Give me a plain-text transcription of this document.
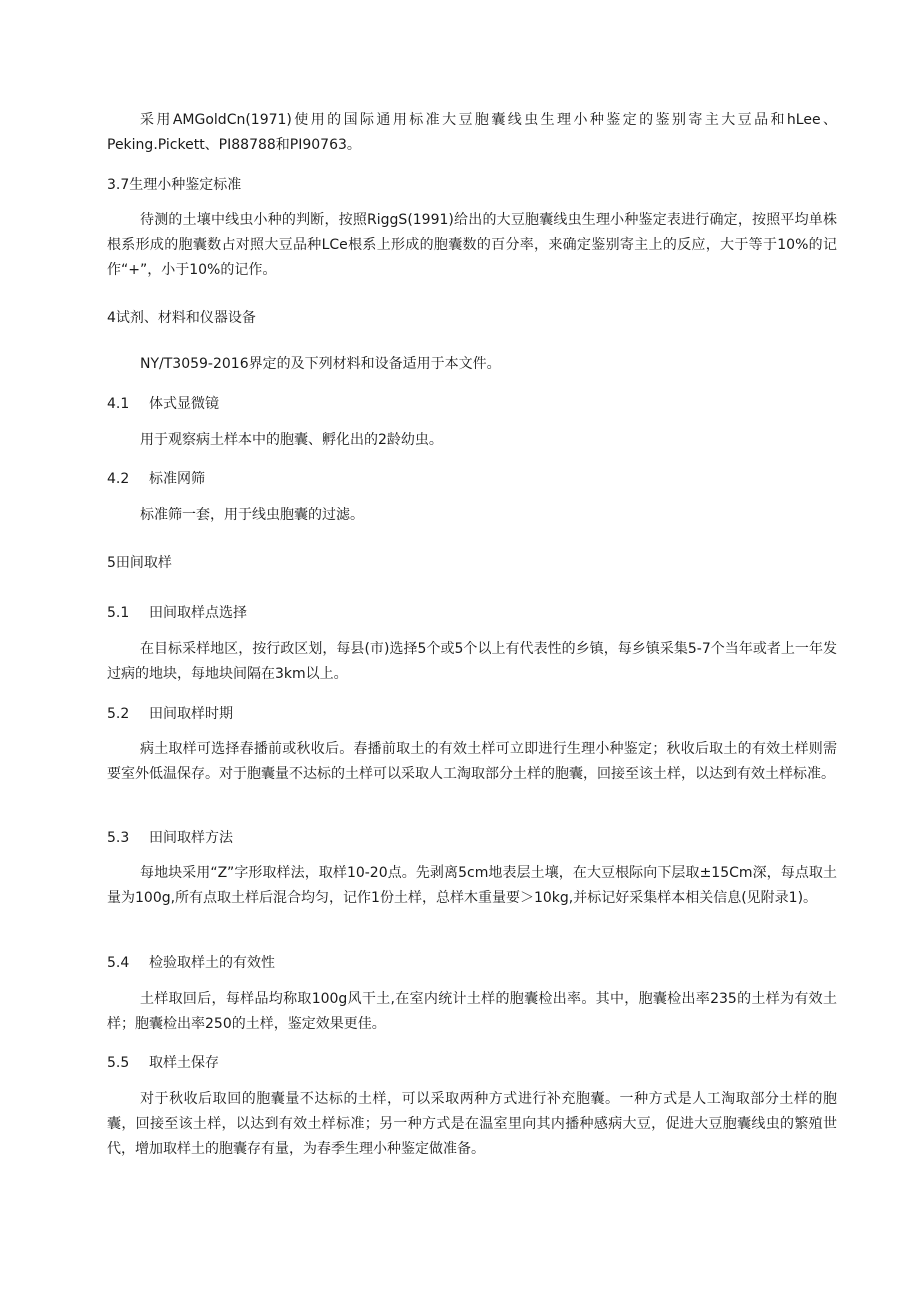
采用AMGoldCn(1971)使用的国际通用标准大豆胞囊线虫生理小种鉴定的鉴别寄主大豆品和hLee、Peking.Pickett、PI88788和PI90763。

3.7生理小种鉴定标准

待测的土壤中线虫小种的判断，按照RiggS(1991)给出的大豆胞囊线虫生理小种鉴定表进行确定，按照平均单株根系形成的胞囊数占对照大豆品种LCe根系上形成的胞囊数的百分率，来确定鉴别寄主上的反应，大于等于10%的记作“+”，小于10%的记作。

4试剂、材料和仪器设备

NY/T3059-2016界定的及下列材料和设备适用于本文件。

4.1 体式显微镜

用于观察病土样本中的胞囊、孵化出的2龄幼虫。

4.2 标准网筛

标准筛一套，用于线虫胞囊的过滤。

5田间取样
5.1 田间取样点选择

在目标采样地区，按行政区划，每县(市)选择5个或5个以上有代表性的乡镇，每乡镇采集5-7个当年或者上一年发过病的地块，每地块间隔在3km以上。

5.2 田间取样时期

病土取样可选择春播前或秋收后。春播前取土的有效土样可立即进行生理小种鉴定；秋收后取土的有效土样则需要室外低温保存。对于胞囊量不达标的土样可以采取人工淘取部分土样的胞囊，回接至该土样，以达到有效土样标准。

5.3 田间取样方法

每地块采用“Z”字形取样法，取样10-20点。先剥离5cm地表层土壤，在大豆根际向下层取±15Cm深，每点取土量为100g,所有点取土样后混合均匀，记作1份土样，总样木重量要＞10kg,并标记好采集样本相关信息(见附录1)。

5.4 检验取样土的有效性

土样取回后，每样品均称取100g风干土,在室内统计土样的胞囊检出率。其中，胞囊检出率235的土样为有效土样；胞囊检出率250的土样，鉴定效果更佳。

5.5 取样土保存

对于秋收后取回的胞囊量不达标的土样，可以采取两种方式进行补充胞囊。一种方式是人工淘取部分土样的胞囊，回接至该土样，以达到有效土样标准；另一种方式是在温室里向其内播种感病大豆，促进大豆胞囊线虫的繁殖世代，增加取样土的胞囊存有量，为春季生理小种鉴定做准备。
